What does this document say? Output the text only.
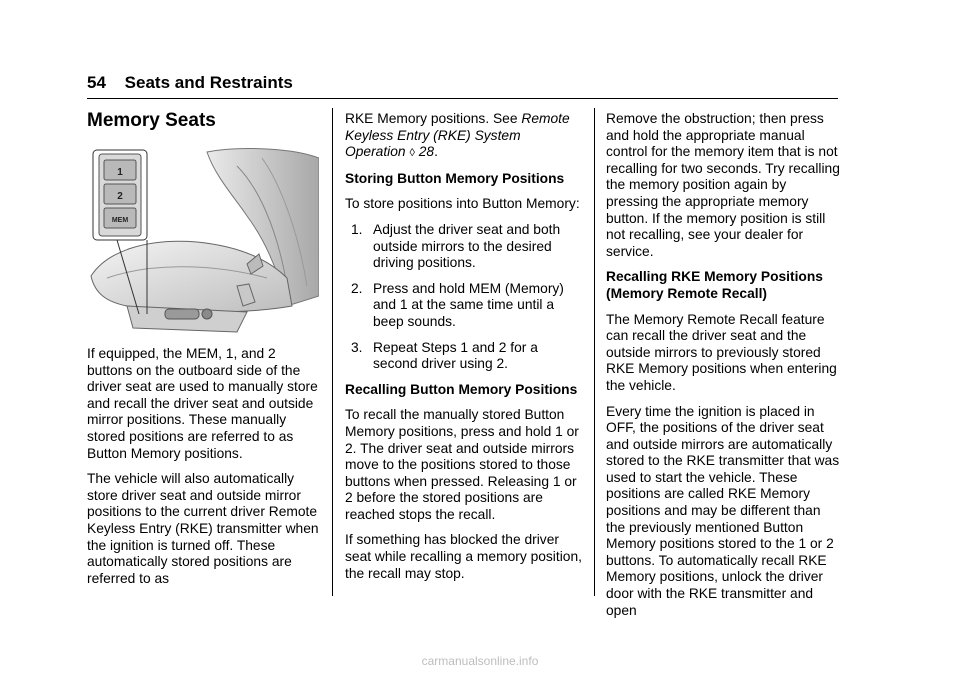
54 Seats and Restraints
Memory Seats
1
2
MEM

If equipped, the MEM, 1, and 2 buttons on the outboard side of the driver seat are used to manually store and recall the driver seat and outside mirror positions. These manually stored positions are referred to as Button Memory positions.

The vehicle will also automatically store driver seat and outside mirror positions to the current driver Remote Keyless Entry (RKE) transmitter when the ignition is turned off. These automatically stored positions are referred to as

RKE Memory positions. See Remote Keyless Entry (RKE) System Operation ◊ 28.

Storing Button Memory Positions

To store positions into Button Memory:

1. Adjust the driver seat and both outside mirrors to the desired driving positions.
2. Press and hold MEM (Memory) and 1 at the same time until a beep sounds.
3. Repeat Steps 1 and 2 for a second driver using 2.
Recalling Button Memory Positions

To recall the manually stored Button Memory positions, press and hold 1 or 2. The driver seat and outside mirrors move to the positions stored to those buttons when pressed. Releasing 1 or 2 before the stored positions are reached stops the recall.

If something has blocked the driver seat while recalling a memory position, the recall may stop.

Remove the obstruction; then press and hold the appropriate manual control for the memory item that is not recalling for two seconds. Try recalling the memory position again by pressing the appropriate memory button. If the memory position is still not recalling, see your dealer for service.

Recalling RKE Memory Positions (Memory Remote Recall)

The Memory Remote Recall feature can recall the driver seat and the outside mirrors to previously stored RKE Memory positions when entering the vehicle.

Every time the ignition is placed in OFF, the positions of the driver seat and outside mirrors are automatically stored to the RKE transmitter that was used to start the vehicle. These positions are called RKE Memory positions and may be different than the previously mentioned Button Memory positions stored to the 1 or 2 buttons. To automatically recall RKE Memory positions, unlock the driver door with the RKE transmitter and open

carmanualsonline.info
